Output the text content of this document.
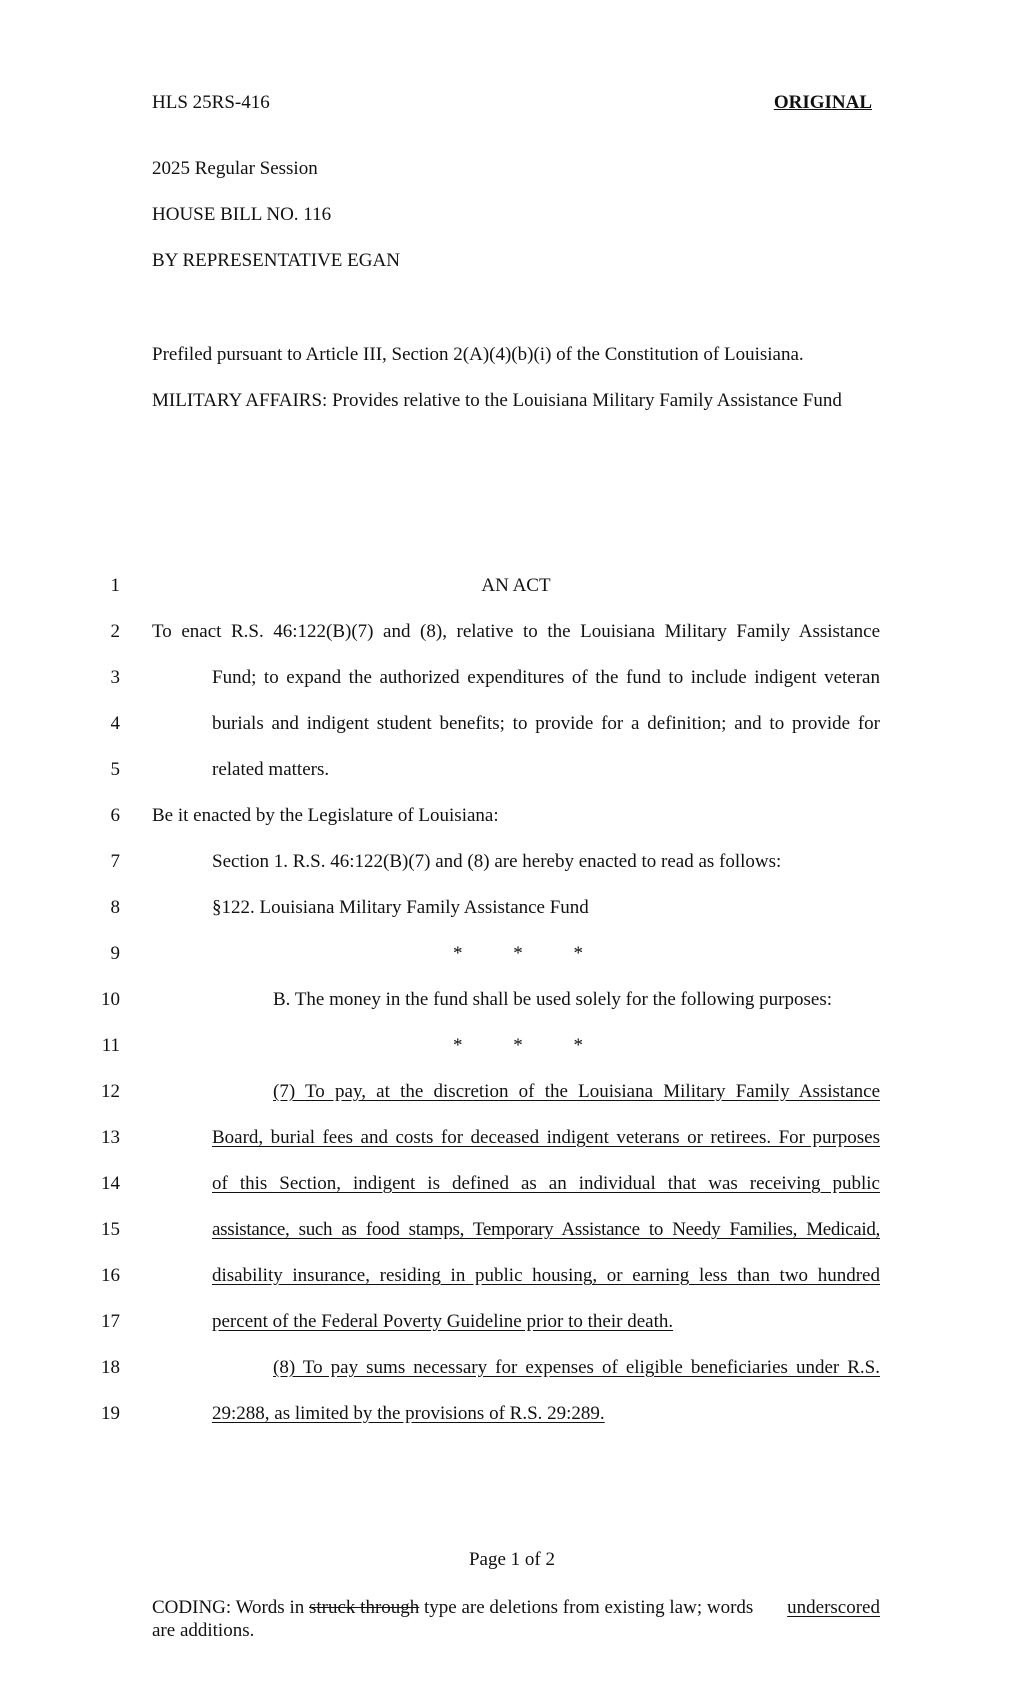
HLS 25RS-416	ORIGINAL
2025 Regular Session
HOUSE BILL NO. 116
BY REPRESENTATIVE EGAN
Prefiled pursuant to Article III, Section 2(A)(4)(b)(i) of the Constitution of Louisiana.
MILITARY AFFAIRS: Provides relative to the Louisiana Military Family Assistance Fund
1	AN ACT
2 To enact R.S. 46:122(B)(7) and (8), relative to the Louisiana Military Family Assistance
3	Fund; to expand the authorized expenditures of the fund to include indigent veteran
4	burials and indigent student benefits; to provide for a definition; and to provide for
5	related matters.
6 Be it enacted by the Legislature of Louisiana:
7	Section 1. R.S. 46:122(B)(7) and (8) are hereby enacted to read as follows:
8	§122. Louisiana Military Family Assistance Fund
9	*	*	*
10	B. The money in the fund shall be used solely for the following purposes:
11	*	*	*
12	(7) To pay, at the discretion of the Louisiana Military Family Assistance
13	Board, burial fees and costs for deceased indigent veterans or retirees. For purposes
14	of this Section, indigent is defined as an individual that was receiving public
15	assistance, such as food stamps, Temporary Assistance to Needy Families, Medicaid,
16	disability insurance, residing in public housing, or earning less than two hundred
17	percent of the Federal Poverty Guideline prior to their death.
18	(8) To pay sums necessary for expenses of eligible beneficiaries under R.S.
19	29:288, as limited by the provisions of R.S. 29:289.
Page 1 of 2
CODING: Words in struck through type are deletions from existing law; words underscored
are additions.
